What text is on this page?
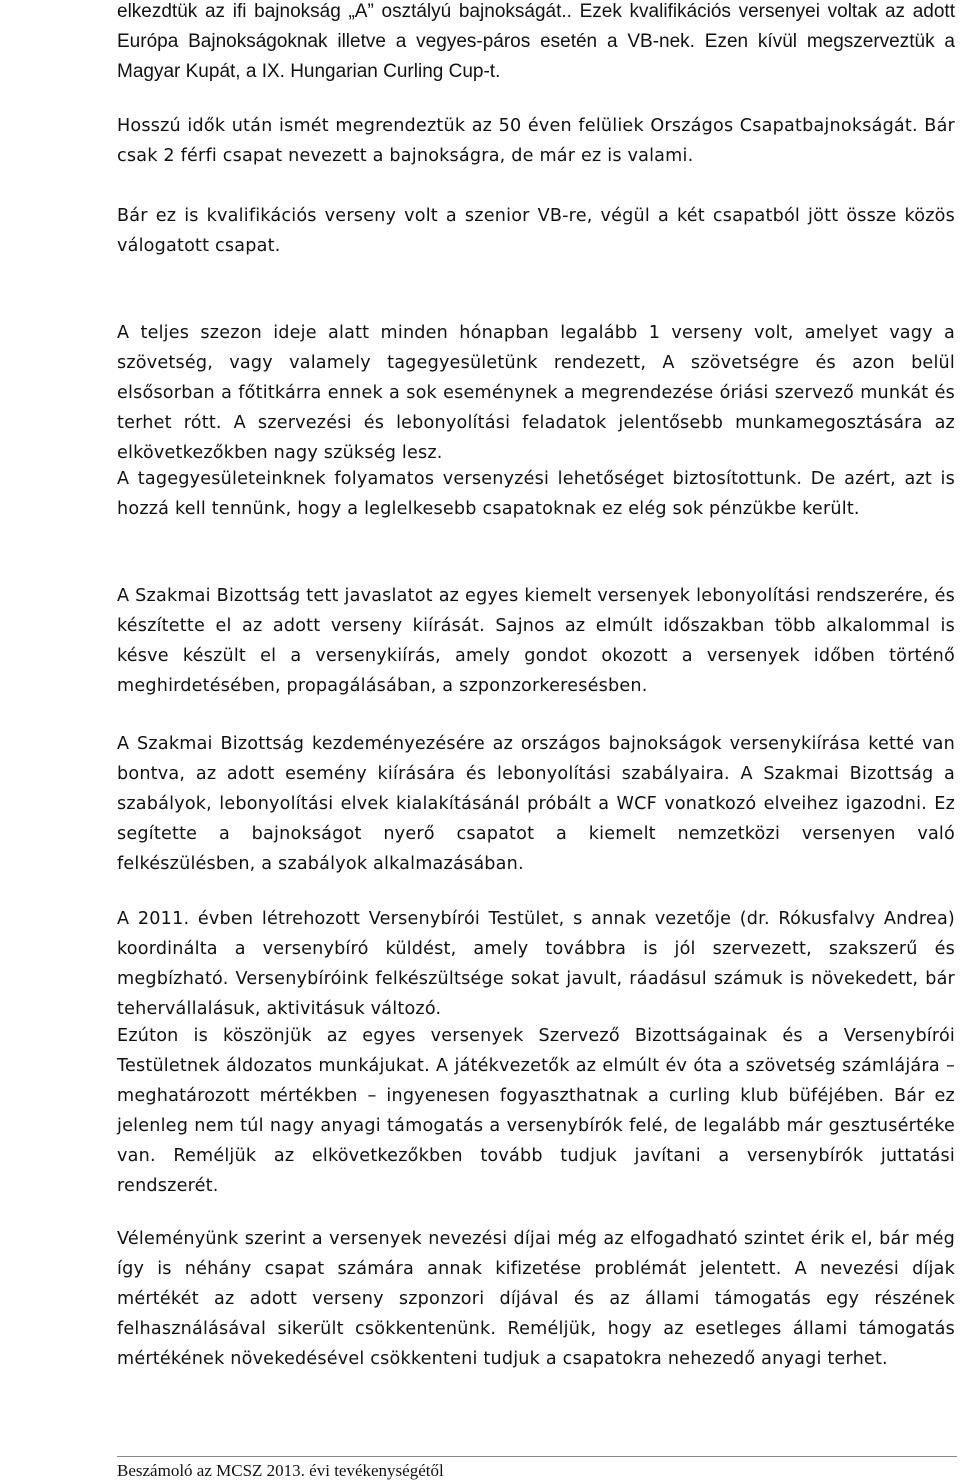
elkezdtük az ifi bajnokság „A” osztályú bajnokságát.. Ezek kvalifikációs versenyei voltak az adott Európa Bajnokságoknak illetve a vegyes-páros esetén a VB-nek. Ezen kívül megszerveztük a Magyar Kupát, a IX. Hungarian Curling Cup-t.

Hosszú idők után ismét megrendeztük az 50 éven felüliek Országos Csapatbajnokságát. Bár csak 2 férfi csapat nevezett a bajnokságra, de már ez is valami.

Bár ez is kvalifikációs verseny volt a szenior VB-re, végül a két csapatból jött össze közös válogatott csapat.

A teljes szezon ideje alatt minden hónapban legalább 1 verseny volt, amelyet vagy a szövetség, vagy valamely tagegyesületünk rendezett, A szövetségre és azon belül elsősorban a főtitkárra ennek a sok eseménynek a megrendezése óriási szervező munkát és terhet rótt. A szervezési és lebonyolítási feladatok jelentősebb munkamegosztására az elkövetkezőkben nagy szükség lesz.

A tagegyesületeinknek folyamatos versenyzési lehetőséget biztosítottunk. De azért, azt is hozzá kell tennünk, hogy a leglelkesebb csapatoknak ez elég sok pénzükbe került.

A Szakmai Bizottság tett javaslatot az egyes kiemelt versenyek lebonyolítási rendszerére, és készítette el az adott verseny kiírását. Sajnos az elmúlt időszakban több alkalommal is késve készült el a versenykiírás, amely gondot okozott a versenyek időben történő meghirdetésében, propagálásában, a szponzorkeresésben.

A Szakmai Bizottság kezdeményezésére az országos bajnokságok versenykiírása ketté van bontva, az adott esemény kiírására és lebonyolítási szabályaira. A Szakmai Bizottság a szabályok, lebonyolítási elvek kialakításánál próbált a WCF vonatkozó elveihez igazodni. Ez segítette a bajnokságot nyerő csapatot a kiemelt nemzetközi versenyen való felkészülésben, a szabályok alkalmazásában.

A 2011. évben létrehozott Versenybírói Testület, s annak vezetője (dr. Rókusfalvy Andrea) koordinálta a versenybíró küldést, amely továbbra is jól szervezett, szakszerű és megbízható. Versenybíróink felkészültsége sokat javult, ráadásul számuk is növekedett, bár tehervállalásuk, aktivitásuk változó.

Ezúton is köszönjük az egyes versenyek Szervező Bizottságainak és a Versenybírói Testületnek áldozatos munkájukat. A játékvezetők az elmúlt év óta a szövetség számlájára – meghatározott mértékben – ingyenesen fogyaszthatnak a curling klub büféjében. Bár ez jelenleg nem túl nagy anyagi támogatás a versenybírók felé, de legalább már gesztusértéke van. Reméljük az elkövetkezőkben tovább tudjuk javítani a versenybírók juttatási rendszerét.

Véleményünk szerint a versenyek nevezési díjai még az elfogadható szintet érik el, bár még így is néhány csapat számára annak kifizetése problémát jelentett. A nevezési díjak mértékét az adott verseny szponzori díjával és az állami támogatás egy részének felhasználásával sikerült csökkentenünk. Reméljük, hogy az esetleges állami támogatás mértékének növekedésével csökkenteni tudjuk a csapatokra nehezedő anyagi terhet.

Beszámoló az MCSZ 2013. évi tevékenységétől
